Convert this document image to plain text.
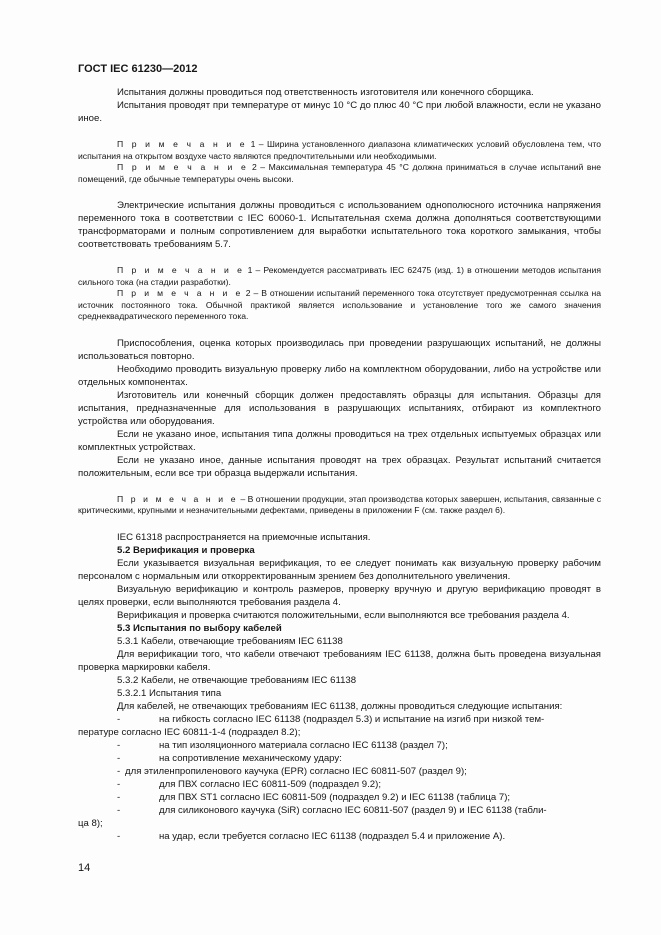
ГОСТ IEC 61230—2012

Испытания должны проводиться под ответственность изготовителя или конечного сборщика.

Испытания проводят при температуре от минус 10 °С до плюс 40 °С при любой влажности, если не указано иное.

П р и м е ч а н и е 1 – Ширина установленного диапазона климатических условий обусловлена тем, что испытания на открытом воздухе часто являются предпочтительными или необходимыми.

П р и м е ч а н и е 2 – Максимальная температура 45 °С должна приниматься в случае испытаний вне помещений, где обычные температуры очень высоки.

Электрические испытания должны проводиться с использованием однополюсного источника напряжения переменного тока в соответствии с IEC 60060-1. Испытательная схема должна дополняться соответствующими трансформаторами и полным сопротивлением для выработки испытательного тока короткого замыкания, чтобы соответствовать требованиям 5.7.

П р и м е ч а н и е 1 – Рекомендуется рассматривать IEC 62475 (изд. 1) в отношении методов испытания сильного тока (на стадии разработки).

П р и м е ч а н и е 2 – В отношении испытаний переменного тока отсутствует предусмотренная ссылка на источник постоянного тока. Обычной практикой является использование и установление того же самого значения среднеквадратического переменного тока.

Приспособления, оценка которых производилась при проведении разрушающих испытаний, не должны использоваться повторно.

Необходимо проводить визуальную проверку либо на комплектном оборудовании, либо на устройстве или отдельных компонентах.

Изготовитель или конечный сборщик должен предоставлять образцы для испытания. Образцы для испытания, предназначенные для использования в разрушающих испытаниях, отбирают из комплектного устройства или оборудования.

Если не указано иное, испытания типа должны проводиться на трех отдельных испытуемых образцах или комплектных устройствах.

Если не указано иное, данные испытания проводят на трех образцах. Результат испытаний считается положительным, если все три образца выдержали испытания.

П р и м е ч а н и е – В отношении продукции, этап производства которых завершен, испытания, связанные с критическими, крупными и незначительными дефектами, приведены в приложении F (см. также раздел 6).

IEC 61318 распространяется на приемочные испытания.

5.2 Верификация и проверка

Если указывается визуальная верификация, то ее следует понимать как визуальную проверку рабочим персоналом с нормальным или откорректированным зрением без дополнительного увеличения.

Визуальную верификацию и контроль размеров, проверку вручную и другую верификацию проводят в целях проверки, если выполняются требования раздела 4.

Верификация и проверка считаются положительными, если выполняются все требования раздела 4.

5.3 Испытания по выбору кабелей

5.3.1 Кабели, отвечающие требованиям IEC 61138

Для верификации того, что кабели отвечают требованиям IEC 61138, должна быть проведена визуальная проверка маркировки кабеля.

5.3.2 Кабели, не отвечающие требованиям IEC 61138

5.3.2.1 Испытания типа

Для кабелей, не отвечающих требованиям IEC 61138, должны проводиться следующие испытания:

-	на гибкость согласно IEC 61138 (подраздел 5.3) и испытание на изгиб при низкой тем-

пературе согласно IEC 60811-1-4 (подраздел 8.2);

-	на тип изоляционного материала согласно IEC 61138 (раздел 7);

-	на сопротивление механическому удару:

- для этиленпропиленового каучука (EPR) согласно IEC 60811-507 (раздел 9);

-	для ПВХ согласно IEC 60811-509 (подраздел 9.2);

-	для ПВХ ST1 согласно IEC 60811-509 (подраздел 9.2) и IEC 61138 (таблица 7);

-	для силиконового каучука (SiR) согласно IEC 60811-507 (раздел 9) и IEC 61138 (табли-

ца 8);

-	на удар, если требуется согласно IEC 61138 (подраздел 5.4 и приложение А).

14
